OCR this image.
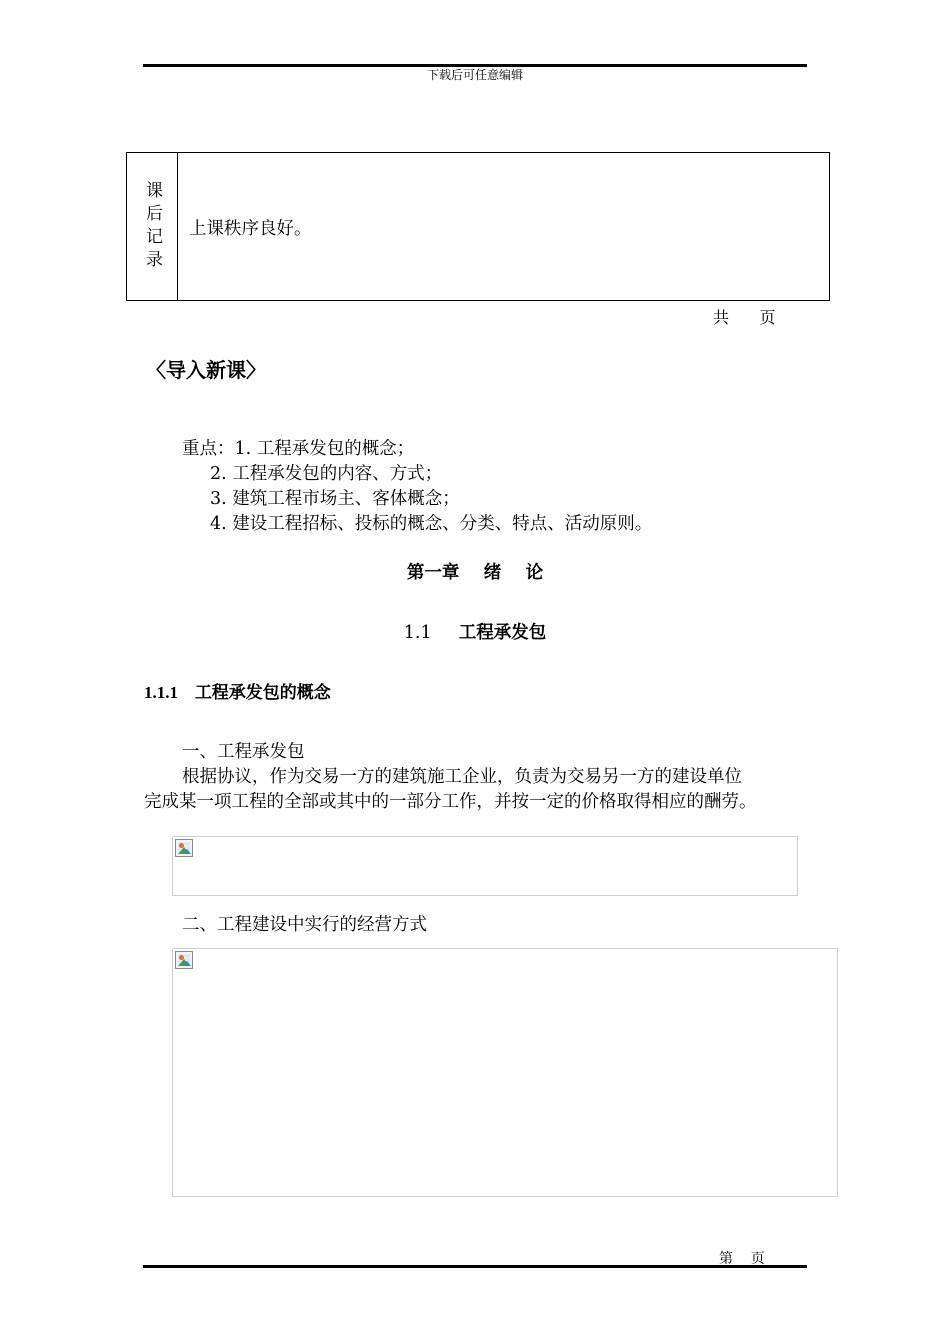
下载后可任意编辑
课后记录 上课秩序良好。
共      页
〈导入新课〉
重点：1. 工程承发包的概念；
2. 工程承发包的内容、方式；
3. 建筑工程市场主、客体概念；
4. 建设工程招标、投标的概念、分类、特点、活动原则。
第一章    绪    论
1.1 工程承发包
1.1.1 工程承发包的概念
一、工程承发包
根据协议，作为交易一方的建筑施工企业，负责为交易另一方的建设单位
完成某一项工程的全部或其中的一部分工作，并按一定的价格取得相应的酬劳。
二、工程建设中实行的经营方式
第    页
